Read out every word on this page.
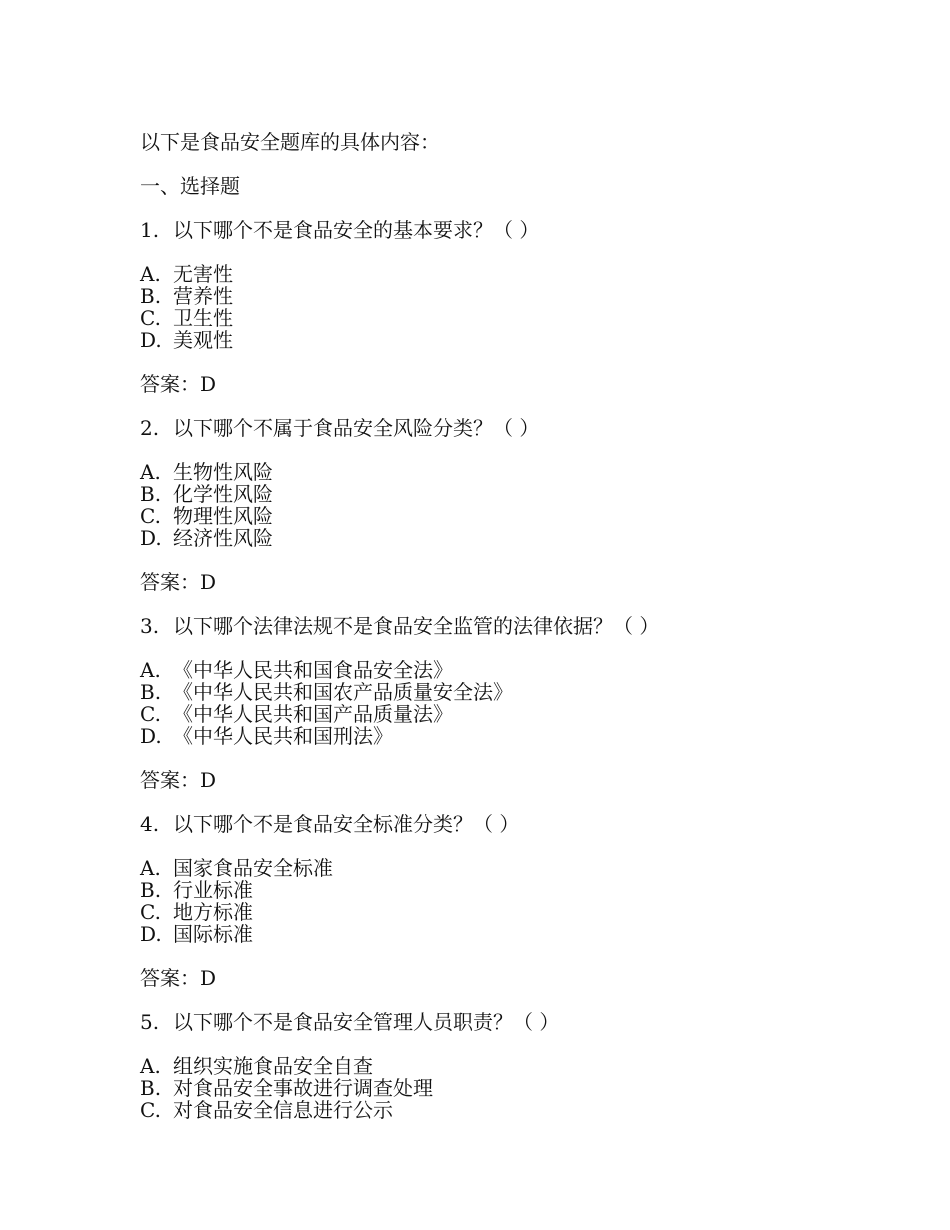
以下是食品安全题库的具体内容：
一、选择题
1. 以下哪个不是食品安全的基本要求？（ ）
A. 无害性
B. 营养性
C. 卫生性
D. 美观性
答案：D
2. 以下哪个不属于食品安全风险分类？（ ）
A. 生物性风险
B. 化学性风险
C. 物理性风险
D. 经济性风险
答案：D
3. 以下哪个法律法规不是食品安全监管的法律依据？（ ）
A. 《中华人民共和国食品安全法》
B. 《中华人民共和国农产品质量安全法》
C. 《中华人民共和国产品质量法》
D. 《中华人民共和国刑法》
答案：D
4. 以下哪个不是食品安全标准分类？（ ）
A. 国家食品安全标准
B. 行业标准
C. 地方标准
D. 国际标准
答案：D
5. 以下哪个不是食品安全管理人员职责？（ ）
A. 组织实施食品安全自查
B. 对食品安全事故进行调查处理
C. 对食品安全信息进行公示
